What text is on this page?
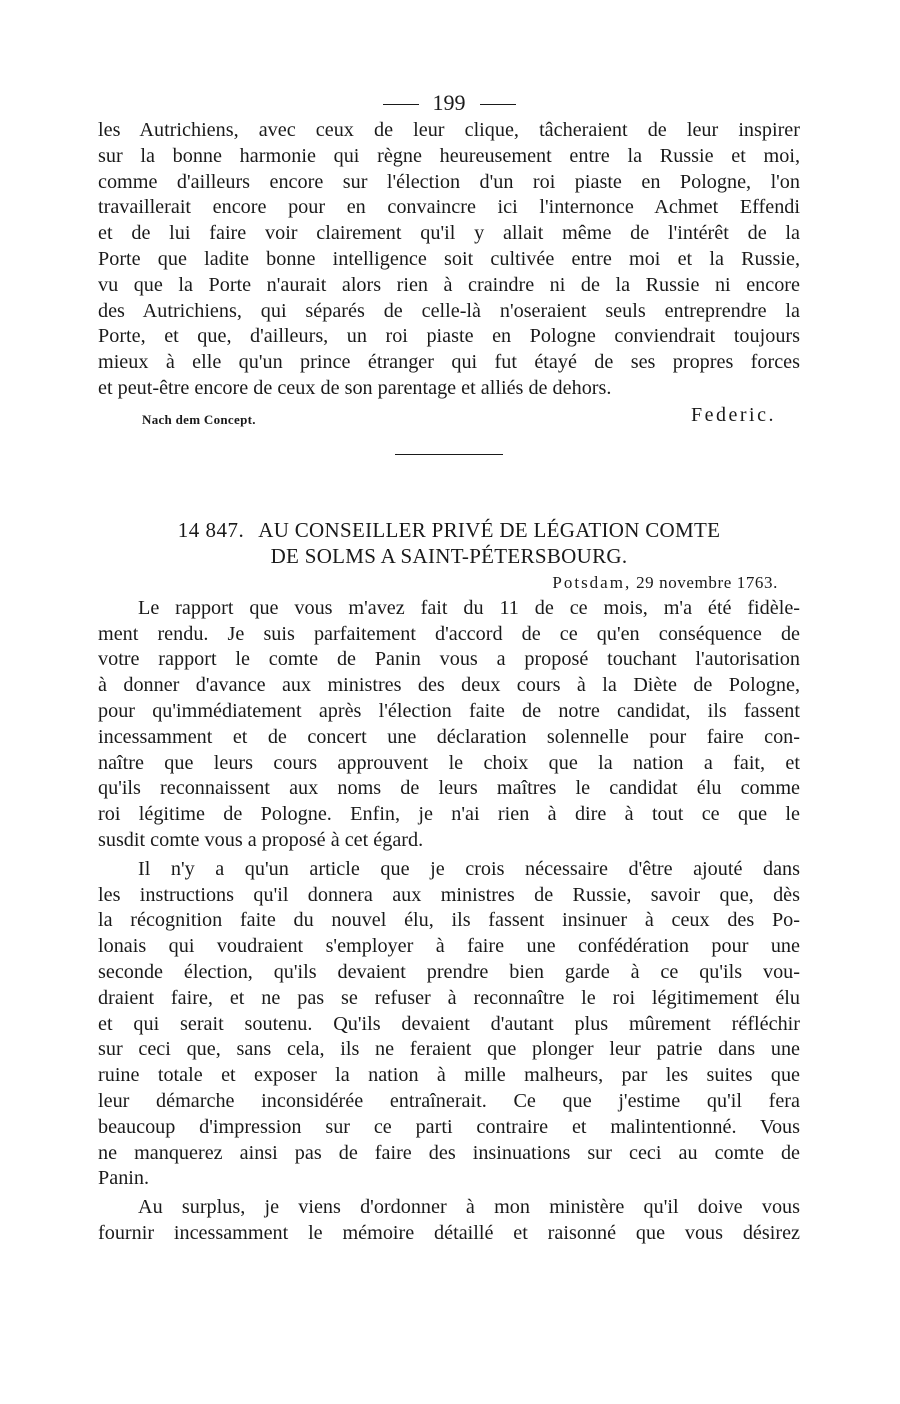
199
les Autrichiens, avec ceux de leur clique, tâcheraient de leur inspirer
sur la bonne harmonie qui règne heureusement entre la Russie et moi,
comme d'ailleurs encore sur l'élection d'un roi piaste en Pologne, l'on
travaillerait encore pour en convaincre ici l'internonce Achmet Effendi
et de lui faire voir clairement qu'il y allait même de l'intérêt de la
Porte que ladite bonne intelligence soit cultivée entre moi et la Russie,
vu que la Porte n'aurait alors rien à craindre ni de la Russie ni encore
des Autrichiens, qui séparés de celle-là n'oseraient seuls entreprendre la
Porte, et que, d'ailleurs, un roi piaste en Pologne conviendrait toujours
mieux à elle qu'un prince étranger qui fut étayé de ses propres forces
et peut-être encore de ceux de son parentage et alliés de dehors.
Nach dem Concept.	Federic.
14 847. AU CONSEILLER PRIVÉ DE LÉGATION COMTE
DE SOLMS A SAINT-PÉTERSBOURG.
Potsdam, 29 novembre 1763.
Le rapport que vous m'avez fait du 11 de ce mois, m'a été fidèle-
ment rendu. Je suis parfaitement d'accord de ce qu'en conséquence de
votre rapport le comte de Panin vous a proposé touchant l'autorisation
à donner d'avance aux ministres des deux cours à la Diète de Pologne,
pour qu'immédiatement après l'élection faite de notre candidat, ils fassent
incessamment et de concert une déclaration solennelle pour faire con-
naître que leurs cours approuvent le choix que la nation a fait, et
qu'ils reconnaissent aux noms de leurs maîtres le candidat élu comme
roi légitime de Pologne. Enfin, je n'ai rien à dire à tout ce que le
susdit comte vous a proposé à cet égard.
Il n'y a qu'un article que je crois nécessaire d'être ajouté dans
les instructions qu'il donnera aux ministres de Russie, savoir que, dès
la récognition faite du nouvel élu, ils fassent insinuer à ceux des Po-
lonais qui voudraient s'employer à faire une confédération pour une
seconde élection, qu'ils devaient prendre bien garde à ce qu'ils vou-
draient faire, et ne pas se refuser à reconnaître le roi légitimement élu
et qui serait soutenu. Qu'ils devaient d'autant plus mûrement réfléchir
sur ceci que, sans cela, ils ne feraient que plonger leur patrie dans une
ruine totale et exposer la nation à mille malheurs, par les suites que
leur démarche inconsidérée entraînerait. Ce que j'estime qu'il fera
beaucoup d'impression sur ce parti contraire et malintentionné. Vous
ne manquerez ainsi pas de faire des insinuations sur ceci au comte de
Panin.
Au surplus, je viens d'ordonner à mon ministère qu'il doive vous
fournir incessamment le mémoire détaillé et raisonné que vous désirez
